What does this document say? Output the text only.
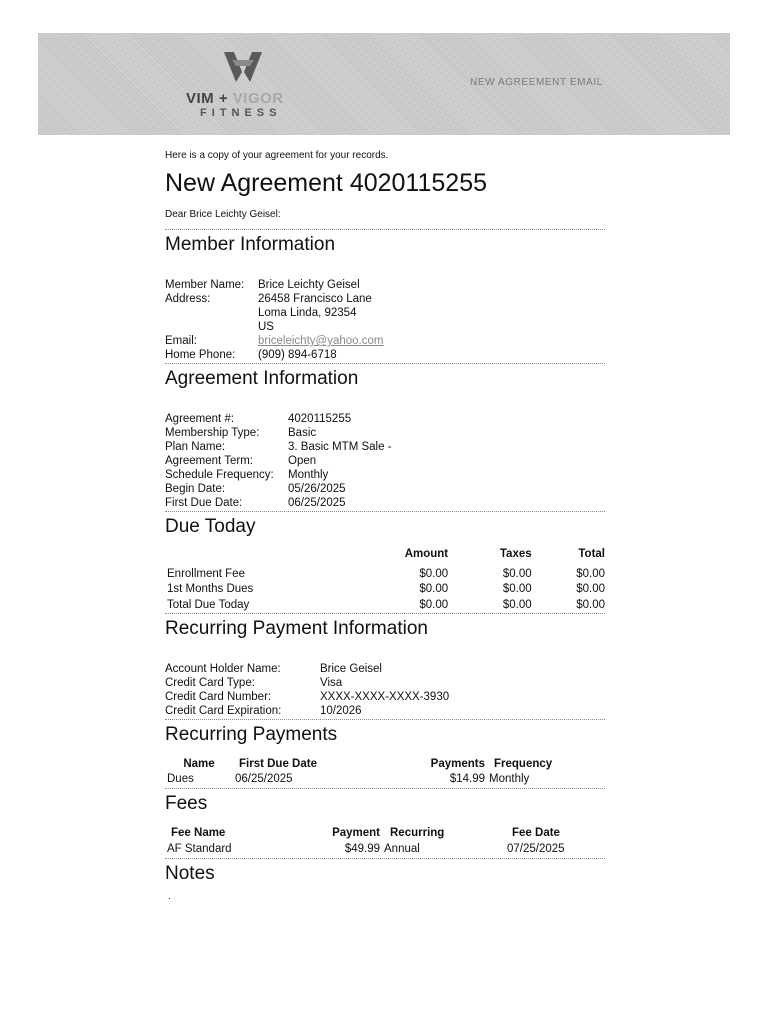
VIM + VIGOR
FITNESS
NEW AGREEMENT EMAIL
Here is a copy of your agreement for your records.
New Agreement 4020115255
Dear Brice Leichty Geisel:
Member Information
Member Name:	Brice Leichty Geisel
Address:	26458 Francisco Lane
Loma Linda, 92354
US
Email:	briceleichty@yahoo.com
Home Phone:	(909) 894-6718
Agreement Information
Agreement #:	4020115255
Membership Type:	Basic
Plan Name:	3. Basic MTM Sale -
Agreement Term:	Open
Schedule Frequency:	Monthly
Begin Date:	05/26/2025
First Due Date:	06/25/2025
Due Today
	Amount	Taxes	Total

Enrollment Fee	$0.00	$0.00	$0.00
1st Months Dues	$0.00	$0.00	$0.00
Total Due Today	$0.00	$0.00	$0.00
Recurring Payment Information
Account Holder Name:	Brice Geisel
Credit Card Type:	Visa
Credit Card Number:	XXXX-XXXX-XXXX-3930
Credit Card Expiration:	10/2026
Recurring Payments
Name	First Due Date	Payments	Frequency
Dues	06/25/2025	$14.99	Monthly
Fees
Fee Name	Payment	Recurring	Fee Date
AF Standard	$49.99	Annual	07/25/2025
Notes
.
